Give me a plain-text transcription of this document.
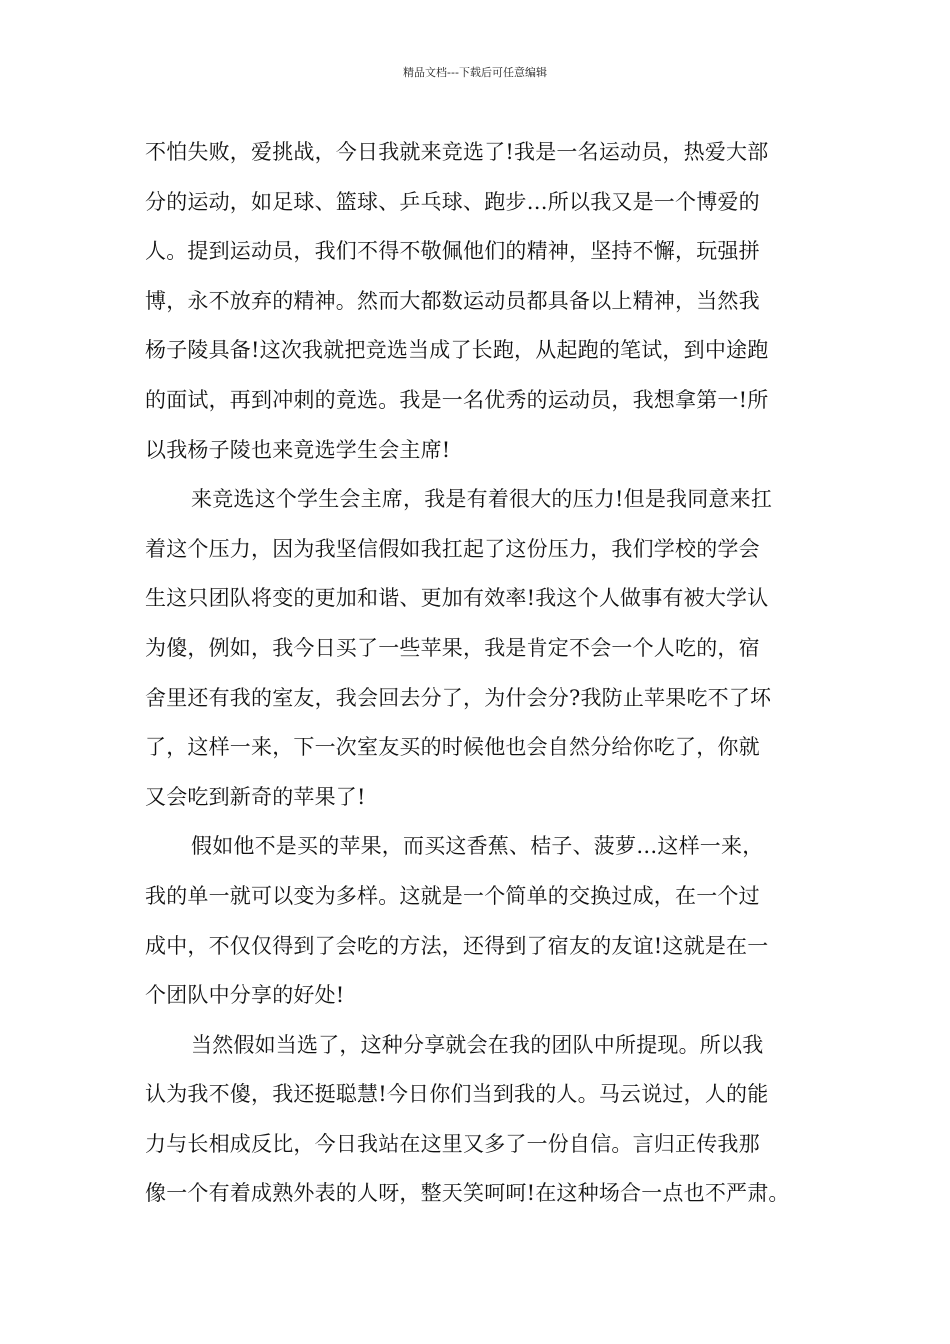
精品文档---下载后可任意编辑
不怕失败，爱挑战，今日我就来竞选了!我是一名运动员，热爱大部
分的运动，如足球、篮球、乒乓球、跑步…所以我又是一个博爱的
人。提到运动员，我们不得不敬佩他们的精神，坚持不懈，玩强拼
博，永不放弃的精神。然而大都数运动员都具备以上精神，当然我
杨子陵具备!这次我就把竞选当成了长跑，从起跑的笔试，到中途跑
的面试，再到冲刺的竟选。我是一名优秀的运动员，我想拿第一!所
以我杨子陵也来竟选学生会主席!
来竞选这个学生会主席，我是有着很大的压力!但是我同意来扛
着这个压力，因为我坚信假如我扛起了这份压力，我们学校的学会
生这只团队将变的更加和谐、更加有效率!我这个人做事有被大学认
为傻，例如，我今日买了一些苹果，我是肯定不会一个人吃的，宿
舍里还有我的室友，我会回去分了，为什会分?我防止苹果吃不了坏
了，这样一来，下一次室友买的时候他也会自然分给你吃了，你就
又会吃到新奇的苹果了!
假如他不是买的苹果，而买这香蕉、桔子、菠萝…这样一来，
我的单一就可以变为多样。这就是一个简单的交换过成，在一个过
成中，不仅仅得到了会吃的方法，还得到了宿友的友谊!这就是在一
个团队中分享的好处!
当然假如当选了，这种分享就会在我的团队中所提现。所以我
认为我不傻，我还挺聪慧!今日你们当到我的人。马云说过，人的能
力与长相成反比，今日我站在这里又多了一份自信。言归正传我那
像一个有着成熟外表的人呀，整天笑呵呵!在这种场合一点也不严肃。
